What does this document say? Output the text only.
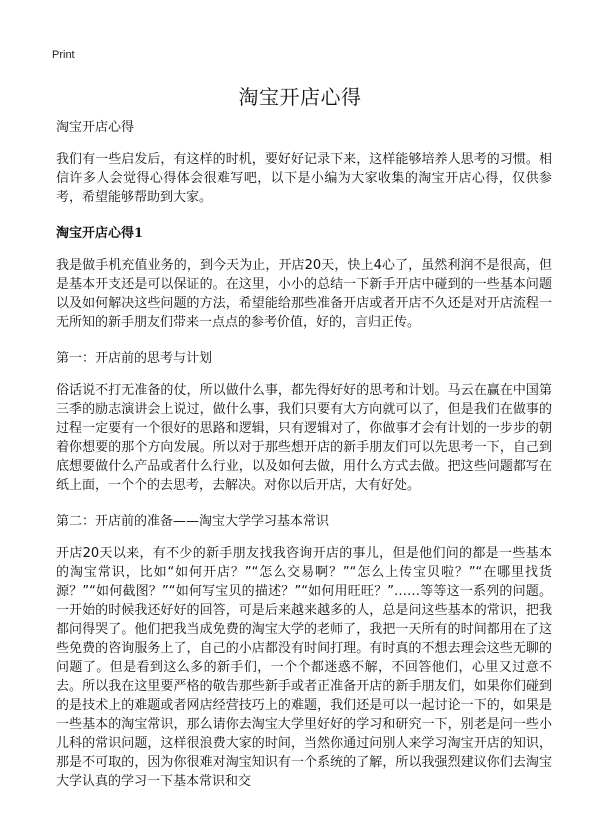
Print
淘宝开店心得

淘宝开店心得

我们有一些启发后，有这样的时机，要好好记录下来，这样能够培养人思考的习惯。相信许多人会觉得心得体会很难写吧，以下是小编为大家收集的淘宝开店心得，仅供参考，希望能够帮助到大家。

淘宝开店心得1

我是做手机充值业务的，到今天为止，开店20天，快上4心了，虽然利润不是很高，但是基本开支还是可以保证的。在这里，小小的总结一下新手开店中碰到的一些基本问题以及如何解决这些问题的方法，希望能给那些准备开店或者开店不久还是对开店流程一无所知的新手朋友们带来一点点的参考价值，好的，言归正传。

第一：开店前的思考与计划

俗话说不打无准备的仗，所以做什么事，都先得好好的思考和计划。马云在赢在中国第三季的励志演讲会上说过，做什么事，我们只要有大方向就可以了，但是我们在做事的过程一定要有一个很好的思路和逻辑，只有逻辑对了，你做事才会有计划的一步步的朝着你想要的那个方向发展。所以对于那些想开店的新手朋友们可以先思考一下，自己到底想要做什么产品或者什么行业，以及如何去做，用什么方式去做。把这些问题都写在纸上面，一个个的去思考，去解决。对你以后开店，大有好处。

第二：开店前的准备——淘宝大学学习基本常识

开店20天以来，有不少的新手朋友找我咨询开店的事儿，但是他们问的都是一些基本的淘宝常识，比如“如何开店？”“怎么交易啊？”“怎么上传宝贝啦？”“在哪里找货源？”“如何截图？”“如何写宝贝的描述？”“如何用旺旺？”……等等这一系列的问题。一开始的时候我还好好的回答，可是后来越来越多的人，总是问这些基本的常识，把我都问得哭了。他们把我当成免费的淘宝大学的老师了，我把一天所有的时间都用在了这些免费的咨询服务上了，自己的小店都没有时间打理。有时真的不想去理会这些无聊的问题了。但是看到这么多的新手们，一个个都迷惑不解，不回答他们，心里又过意不去。所以我在这里要严格的敬告那些新手或者正准备开店的新手朋友们，如果你们碰到的是技术上的难题或者网店经营技巧上的难题，我们还是可以一起讨论一下的，如果是一些基本的淘宝常识，那么请你去淘宝大学里好好的学习和研究一下，别老是问一些小儿科的常识问题，这样很浪费大家的时间，当然你通过问别人来学习淘宝开店的知识，那是不可取的，因为你很难对淘宝知识有一个系统的了解，所以我强烈建议你们去淘宝大学认真的学习一下基本常识和交
